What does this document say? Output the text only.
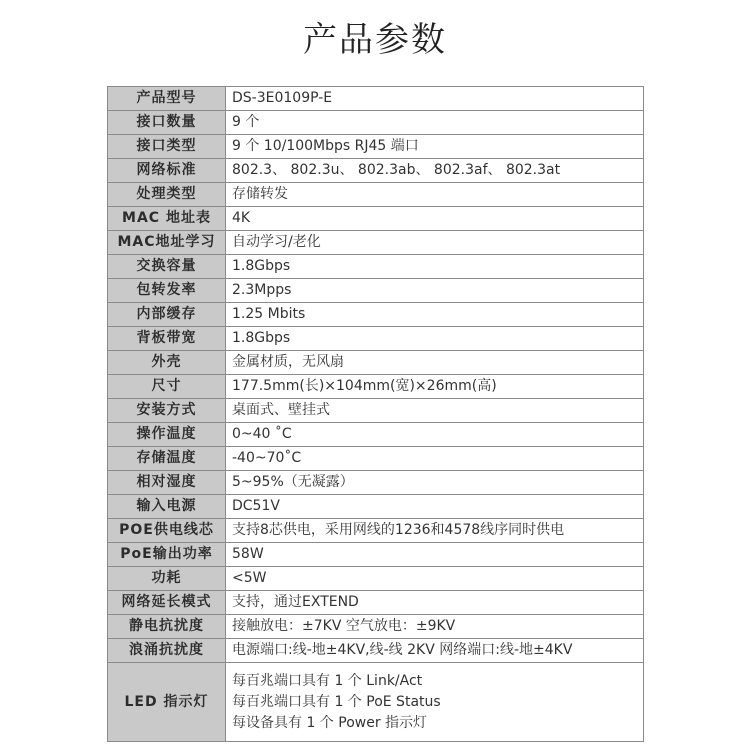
产品参数
产品型号	DS-3E0109P-E
接口数量	9 个
接口类型	9 个 10/100Mbps RJ45 端口
网络标准	802.3、 802.3u、 802.3ab、 802.3af、 802.3at
处理类型	存储转发
MAC 地址表	4K
MAC地址学习	自动学习/老化
交换容量	1.8Gbps
包转发率	2.3Mpps
内部缓存	1.25 Mbits
背板带宽	1.8Gbps
外壳	金属材质，无风扇
尺寸	177.5mm(长)×104mm(宽)×26mm(高)
安装方式	桌面式、壁挂式
操作温度	0~40 ˚C
存储温度	-40~70˚C
相对湿度	5~95%（无凝露）
输入电源	DC51V
POE供电线芯	支持8芯供电，采用网线的1236和4578线序同时供电
PoE输出功率	58W
功耗	<5W
网络延长模式	支持，通过EXTEND
静电抗扰度	接触放电：±7KV 空气放电：±9KV
浪涌抗扰度	电源端口:线-地±4KV,线-线 2KV 网络端口:线-地±4KV
LED 指示灯	每百兆端口具有 1 个 Link/Act
每百兆端口具有 1 个 PoE Status
每设备具有 1 个 Power 指示灯
